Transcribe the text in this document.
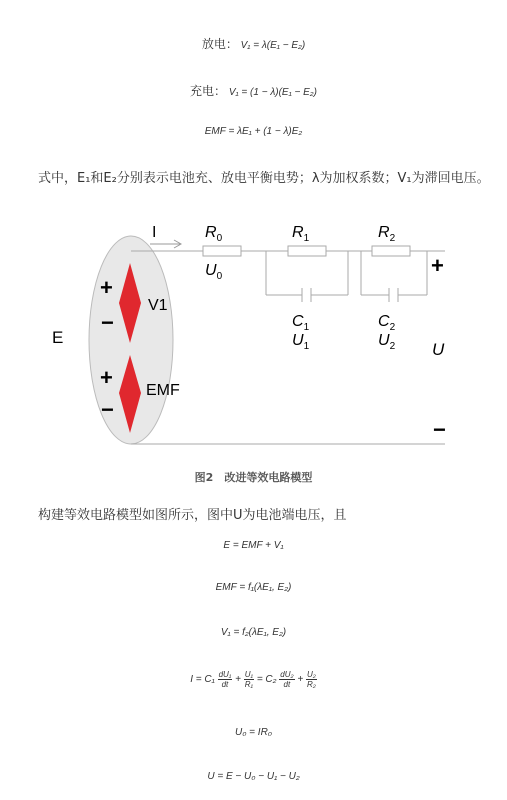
放电： V₁ = λ(E₁ − E₂)
充电： V₁ = (1 − λ)(E₁ − E₂)
EMF = λE₁ + (1 − λ)E₂
式中，E₁和E₂分别表示电池充、放电平衡电势；λ为加权系数；V₁为滞回电压。
I	$R_0$
$U_0$
$R_1$
$C_1$
$U_1$
$R_2$
$C_2$
$U_2$
+
U
−
E
+
−
V1
+
−
EMF
图2　改进等效电路模型
构建等效电路模型如图所示，图中U为电池端电压，且
E = EMF + V₁
EMF = f₁(λE₁, E₂)
V₁ = f₂(λE₁, E₂)
$I = C_1 \frac{\text{dU₁}}{dt} + \frac{\text{U₁}}{\text{R₁}} = C_2 \frac{\text{dU₂}}{dt} + \frac{\text{U₂}}{\text{R₂}}$
U₀ = IR₀
U = E − U₀ − U₁ − U₂
